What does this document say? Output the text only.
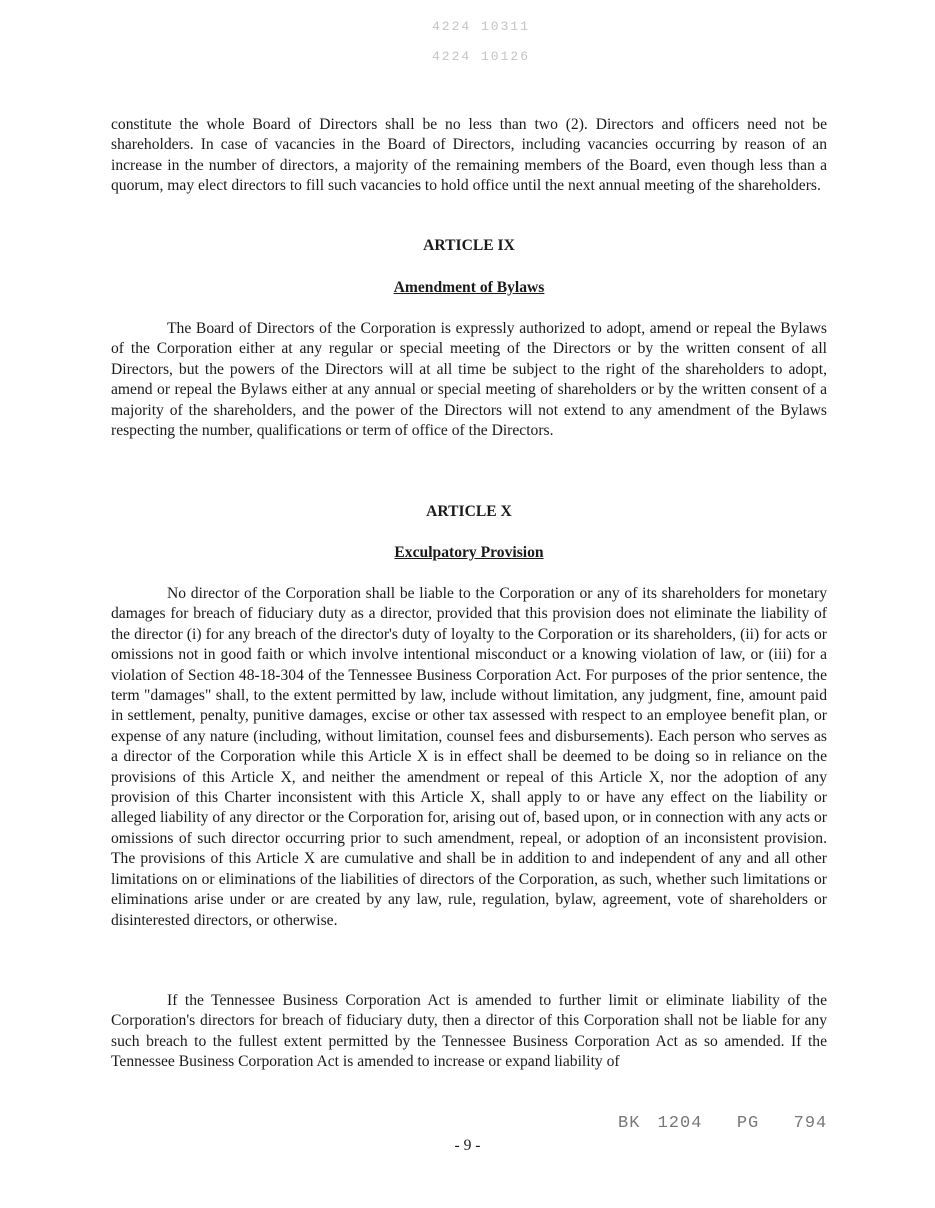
4224 10311
4224 10126

constitute the whole Board of Directors shall be no less than two (2). Directors and officers need not be shareholders. In case of vacancies in the Board of Directors, including vacancies occurring by reason of an increase in the number of directors, a majority of the remaining members of the Board, even though less than a quorum, may elect directors to fill such vacancies to hold office until the next annual meeting of the shareholders.

ARTICLE IX
Amendment of Bylaws

The Board of Directors of the Corporation is expressly authorized to adopt, amend or repeal the Bylaws of the Corporation either at any regular or special meeting of the Directors or by the written consent of all Directors, but the powers of the Directors will at all time be subject to the right of the shareholders to adopt, amend or repeal the Bylaws either at any annual or special meeting of shareholders or by the written consent of a majority of the shareholders, and the power of the Directors will not extend to any amendment of the Bylaws respecting the number, qualifications or term of office of the Directors.

ARTICLE X
Exculpatory Provision

No director of the Corporation shall be liable to the Corporation or any of its shareholders for monetary damages for breach of fiduciary duty as a director, provided that this provision does not eliminate the liability of the director (i) for any breach of the director's duty of loyalty to the Corporation or its shareholders, (ii) for acts or omissions not in good faith or which involve intentional misconduct or a knowing violation of law, or (iii) for a violation of Section 48-18-304 of the Tennessee Business Corporation Act. For purposes of the prior sentence, the term "damages" shall, to the extent permitted by law, include without limitation, any judgment, fine, amount paid in settlement, penalty, punitive damages, excise or other tax assessed with respect to an employee benefit plan, or expense of any nature (including, without limitation, counsel fees and disbursements). Each person who serves as a director of the Corporation while this Article X is in effect shall be deemed to be doing so in reliance on the provisions of this Article X, and neither the amendment or repeal of this Article X, nor the adoption of any provision of this Charter inconsistent with this Article X, shall apply to or have any effect on the liability or alleged liability of any director or the Corporation for, arising out of, based upon, or in connection with any acts or omissions of such director occurring prior to such amendment, repeal, or adoption of an inconsistent provision. The provisions of this Article X are cumulative and shall be in addition to and independent of any and all other limitations on or eliminations of the liabilities of directors of the Corporation, as such, whether such limitations or eliminations arise under or are created by any law, rule, regulation, bylaw, agreement, vote of shareholders or disinterested directors, or otherwise.

If the Tennessee Business Corporation Act is amended to further limit or eliminate liability of the Corporation's directors for breach of fiduciary duty, then a director of this Corporation shall not be liable for any such breach to the fullest extent permitted by the Tennessee Business Corporation Act as so amended. If the Tennessee Business Corporation Act is amended to increase or expand liability of

BK 1204  PG  794
- 9 -
